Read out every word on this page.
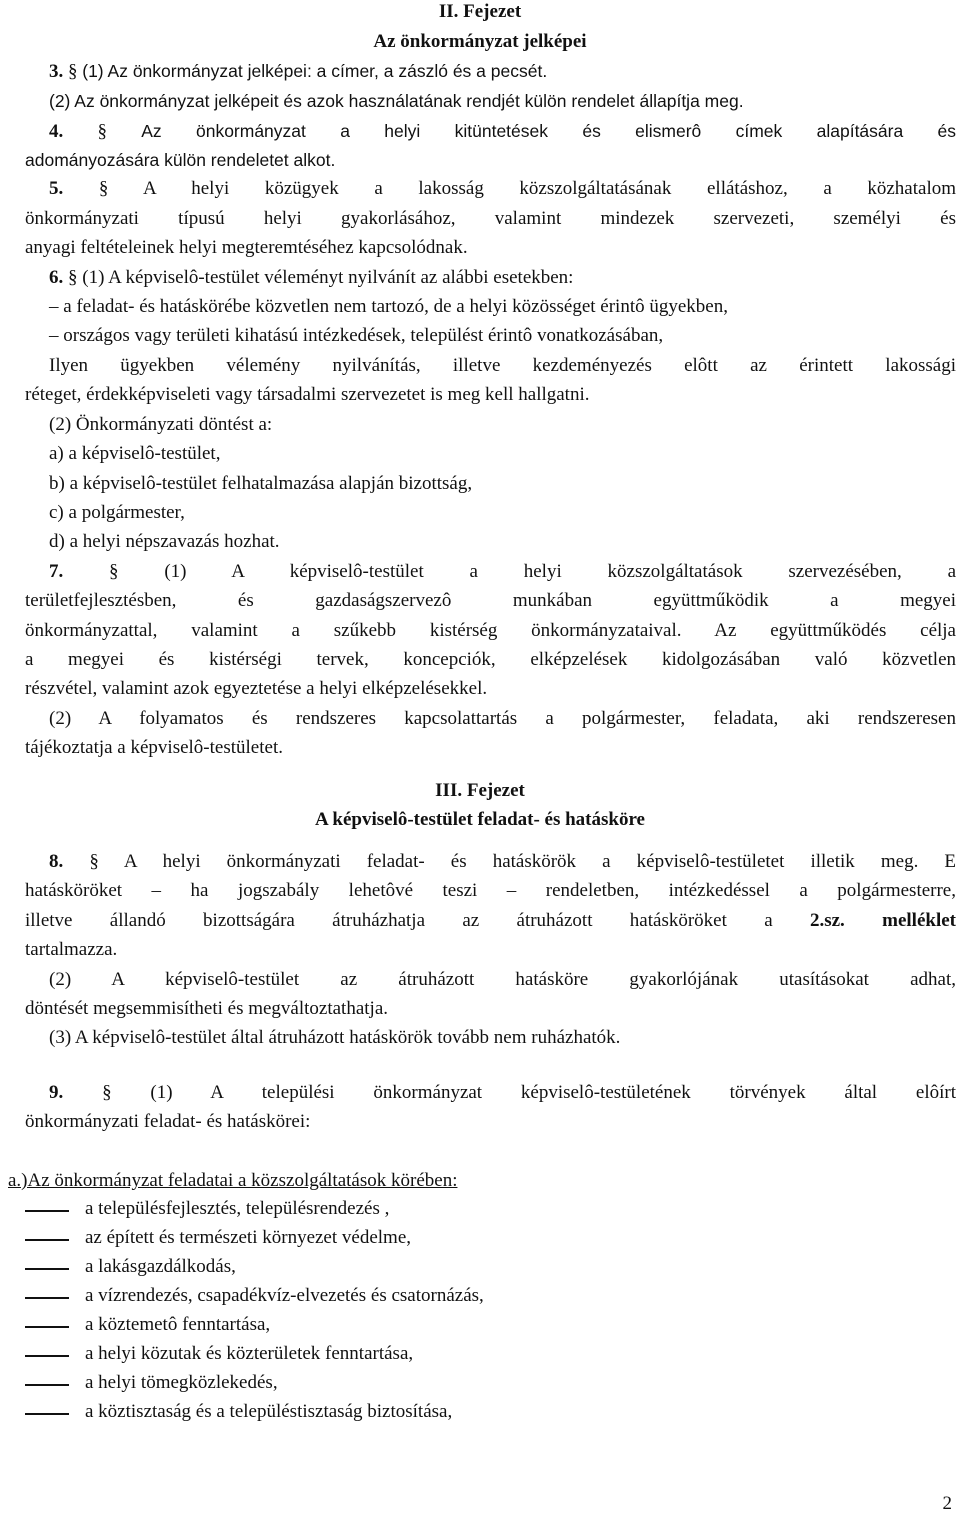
II. Fejezet
Az önkormányzat jelképei
3. § (1) Az önkormányzat jelképei: a címer, a zászló és a pecsét.
(2) Az önkormányzat jelképeit és azok használatának rendjét külön rendelet állapítja meg.
4. § Az önkormányzat a helyi kitüntetések és elismerô címek alapítására és
adományozására külön rendeletet alkot.
5. § A helyi közügyek a lakosság közszolgáltatásának ellátáshoz, a közhatalom
önkormányzati típusú helyi gyakorlásához, valamint mindezek szervezeti, személyi és
anyagi feltételeinek helyi megteremtéséhez kapcsolódnak.
6. § (1) A képviselô-testület véleményt nyilvánít az alábbi esetekben:
– a feladat- és hatáskörébe közvetlen nem tartozó, de a helyi közösséget érintô ügyekben,
– országos vagy területi kihatású intézkedések, települést érintô vonatkozásában,
Ilyen ügyekben vélemény nyilvánítás, illetve kezdeményezés elôtt az érintett lakossági
réteget, érdekképviseleti vagy társadalmi szervezetet is meg kell hallgatni.
(2) Önkormányzati döntést a:
a) a képviselô-testület,
b) a képviselô-testület felhatalmazása alapján bizottság,
c) a polgármester,
d) a helyi népszavazás hozhat.
7. § (1) A képviselô-testület a helyi közszolgáltatások szervezésében, a
területfejlesztésben, és gazdaságszervezô munkában együttműködik a megyei
önkormányzattal, valamint a szűkebb kistérség önkormányzataival. Az együttműködés célja
a megyei és kistérségi tervek, koncepciók, elképzelések kidolgozásában való közvetlen
részvétel, valamint azok egyeztetése a helyi elképzelésekkel.
(2) A folyamatos és rendszeres kapcsolattartás a polgármester, feladata, aki rendszeresen
tájékoztatja a képviselô-testületet.
III. Fejezet
A képviselô-testület feladat- és hatásköre
8. § A helyi önkormányzati feladat- és hatáskörök a képviselô-testületet illetik meg. E
hatásköröket – ha jogszabály lehetôvé teszi – rendeletben, intézkedéssel a polgármesterre,
illetve állandó bizottságára átruházhatja az átruházott hatásköröket a 2.sz. melléklet
tartalmazza.
(2) A képviselô-testület az átruházott hatásköre gyakorlójának utasításokat adhat,
döntését megsemmisítheti és megváltoztathatja.
(3) A képviselô-testület által átruházott hatáskörök tovább nem ruházhatók.
9. § (1) A települési önkormányzat képviselô-testületének törvények által elôírt
önkormányzati feladat- és hatáskörei:
a.)Az önkormányzat feladatai a közszolgáltatások körében:
a településfejlesztés, településrendezés ,
az épített és természeti környezet védelme,
a lakásgazdálkodás,
a vízrendezés, csapadékvíz-elvezetés és csatornázás,
a köztemetô fenntartása,
a helyi közutak és közterületek fenntartása,
a helyi tömegközlekedés,
a köztisztaság és a településtisztaság biztosítása,
2
